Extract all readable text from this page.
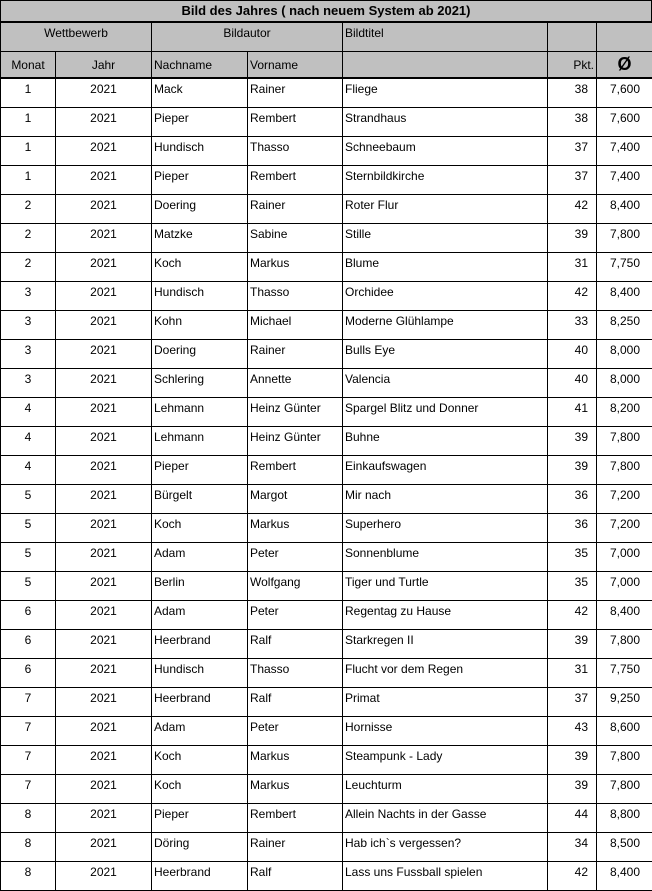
Bild des Jahres ( nach neuem System ab 2021)
Wettbewerb		Bildautor		Bildtitel		
Monat	Jahr	Nachname	Vorname		Pkt.	Ø
1	2021	Mack	Rainer	Fliege	38	7,600
1	2021	Pieper	Rembert	Strandhaus	38	7,600
1	2021	Hundisch	Thasso	Schneebaum	37	7,400
1	2021	Pieper	Rembert	Sternbildkirche	37	7,400
2	2021	Doering	Rainer	Roter Flur	42	8,400
2	2021	Matzke	Sabine	Stille	39	7,800
2	2021	Koch	Markus	Blume	31	7,750
3	2021	Hundisch	Thasso	Orchidee	42	8,400
3	2021	Kohn	Michael	Moderne Glühlampe	33	8,250
3	2021	Doering	Rainer	Bulls Eye	40	8,000
3	2021	Schlering	Annette	Valencia	40	8,000
4	2021	Lehmann	Heinz Günter	Spargel Blitz und Donner	41	8,200
4	2021	Lehmann	Heinz Günter	Buhne	39	7,800
4	2021	Pieper	Rembert	Einkaufswagen	39	7,800
5	2021	Bürgelt	Margot	Mir nach	36	7,200
5	2021	Koch	Markus	Superhero	36	7,200
5	2021	Adam	Peter	Sonnenblume	35	7,000
5	2021	Berlin	Wolfgang	Tiger und Turtle	35	7,000
6	2021	Adam	Peter	Regentag zu Hause	42	8,400
6	2021	Heerbrand	Ralf	Starkregen II	39	7,800
6	2021	Hundisch	Thasso	Flucht vor dem Regen	31	7,750
7	2021	Heerbrand	Ralf	Primat	37	9,250
7	2021	Adam	Peter	Hornisse	43	8,600
7	2021	Koch	Markus	Steampunk - Lady	39	7,800
7	2021	Koch	Markus	Leuchturm	39	7,800
8	2021	Pieper	Rembert	Allein Nachts in der Gasse	44	8,800
8	2021	Döring	Rainer	Hab ich`s vergessen?	34	8,500
8	2021	Heerbrand	Ralf	Lass uns Fussball spielen	42	8,400
